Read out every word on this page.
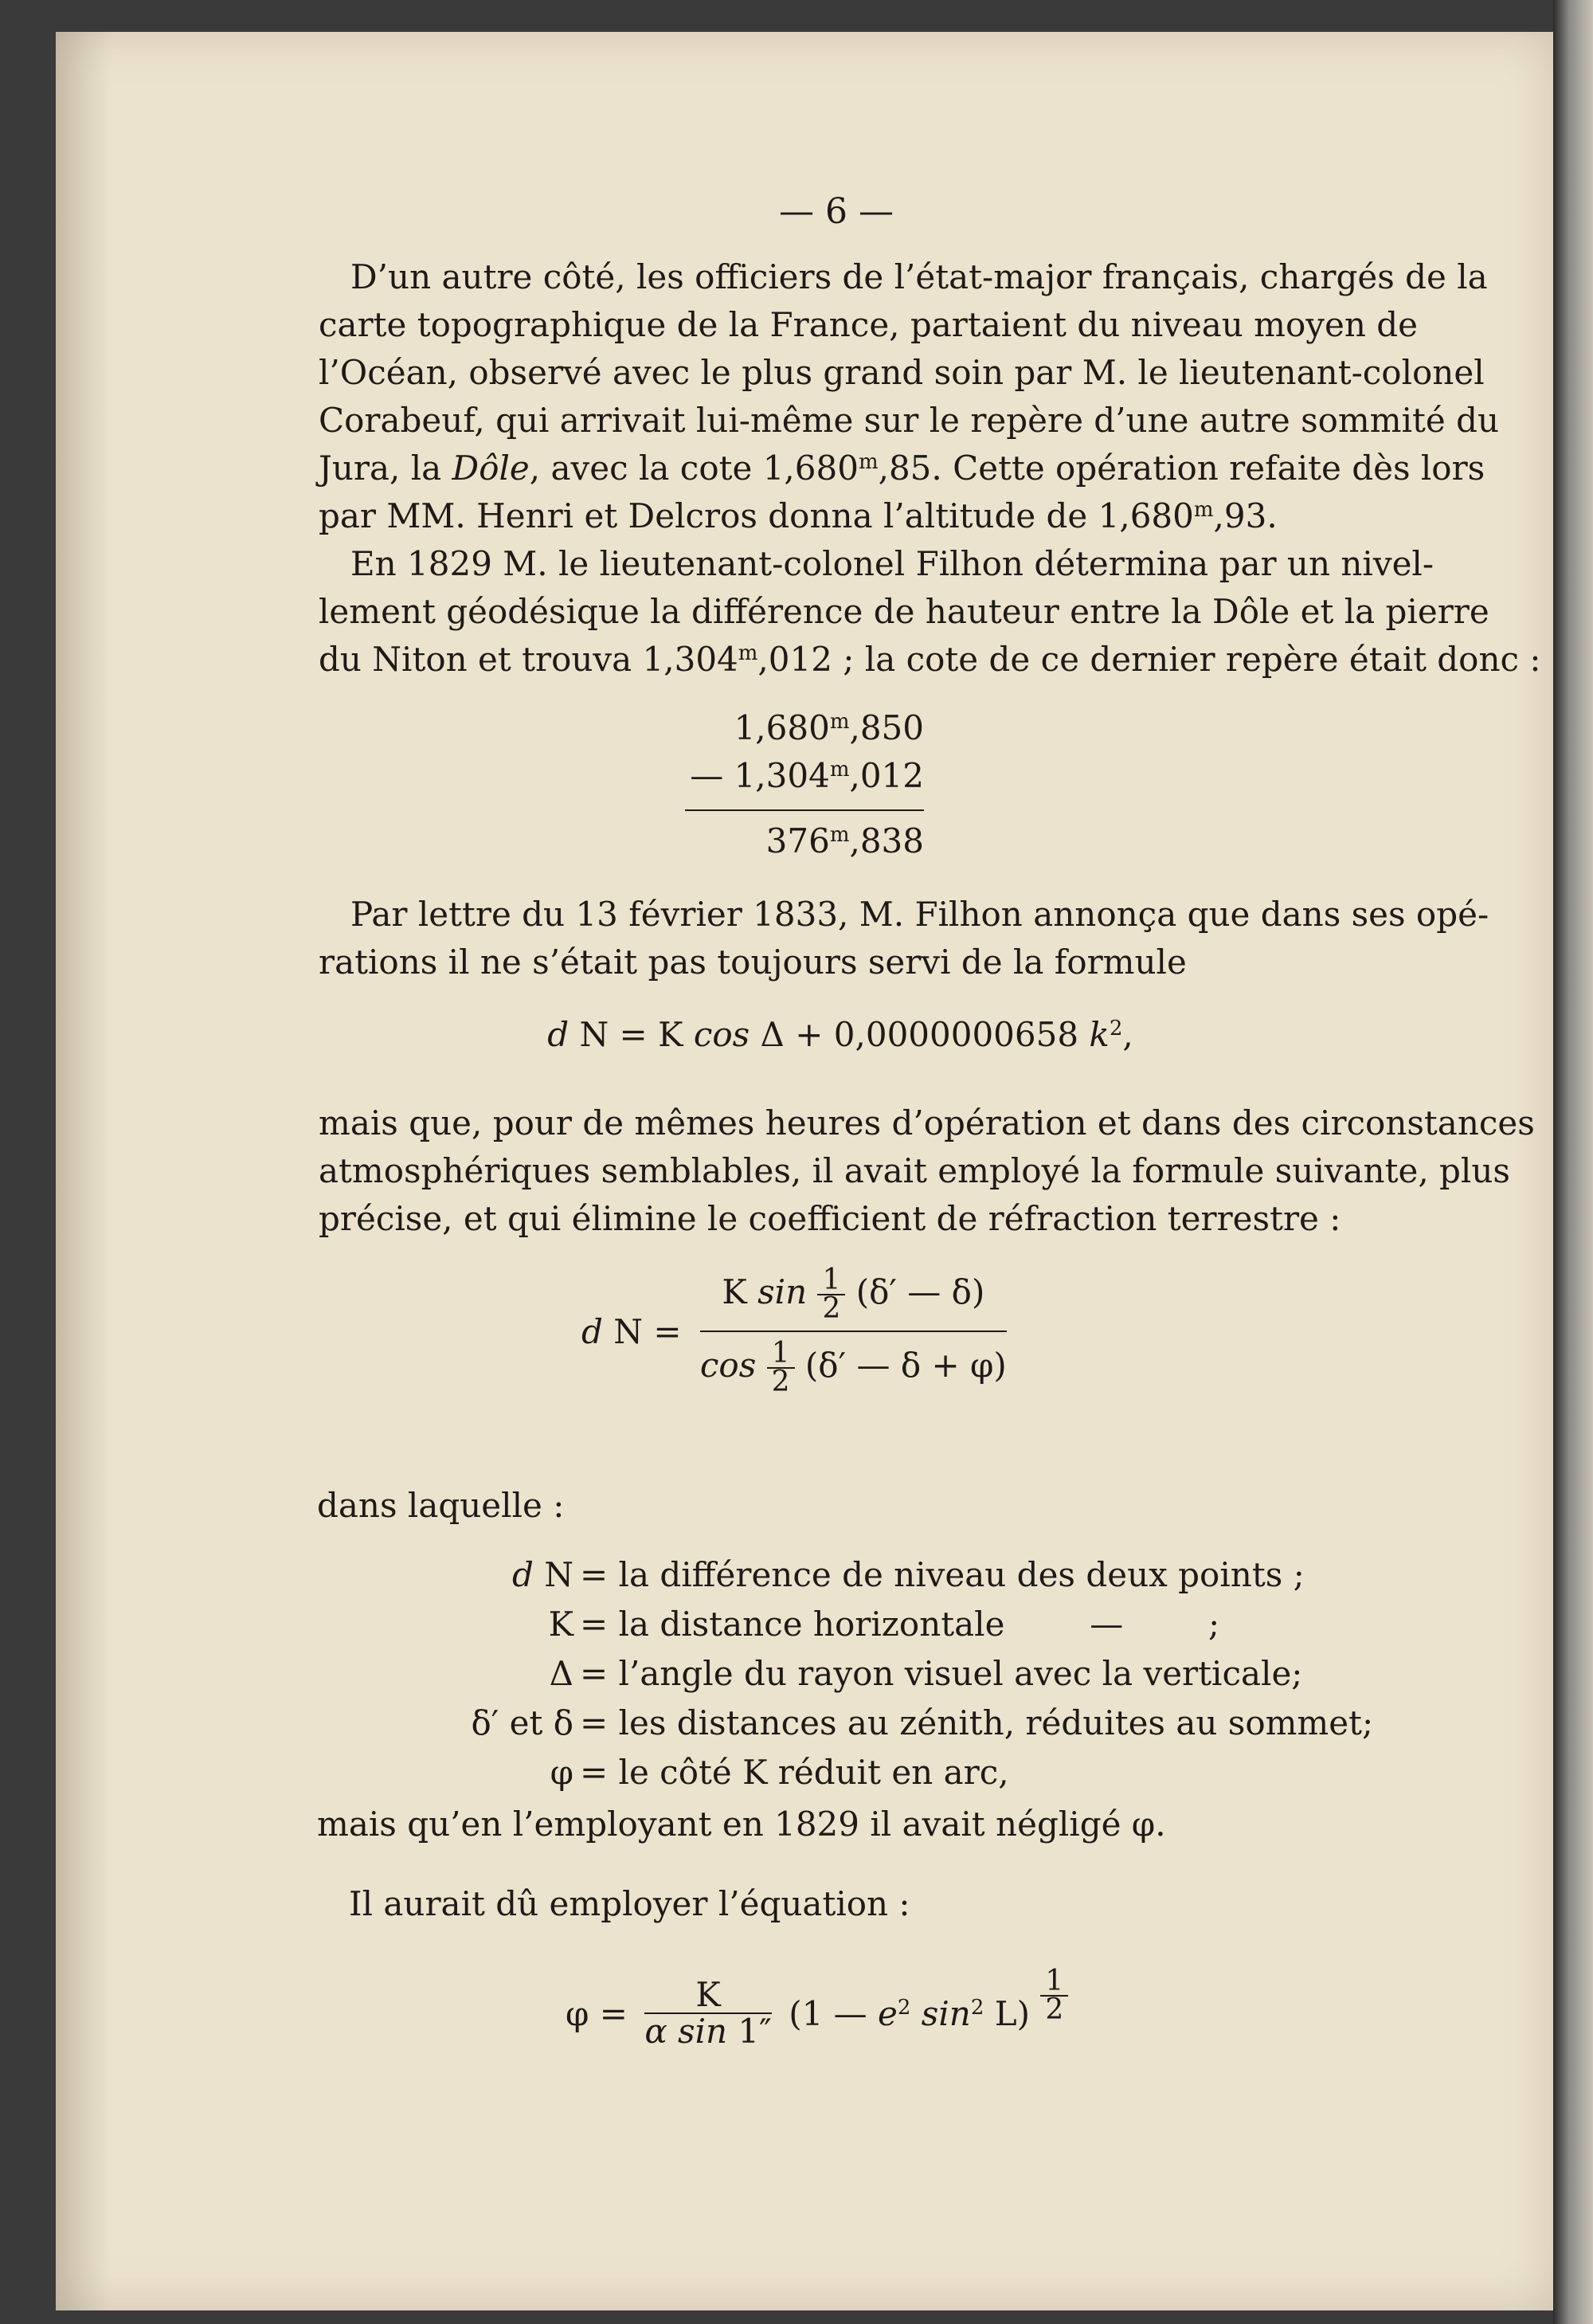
— 6 —
D’un autre côté, les officiers de l’état-major français, chargés de la
carte topographique de la France, partaient du niveau moyen de
l’Océan, observé avec le plus grand soin par M. le lieutenant-colonel
Corabeuf, qui arrivait lui-même sur le repère d’une autre sommité du
Jura, la Dôle, avec la cote 1,680$^m$,85. Cette opération refaite dès lors
par MM. Henri et Delcros donna l’altitude de 1,680$^m$,93.
En 1829 M. le lieutenant-colonel Filhon détermina par un nivel-
lement géodésique la différence de hauteur entre la Dôle et la pierre
du Niton et trouva 1,304$^m$,012 ; la cote de ce dernier repère était donc :
1,680$^m$,850
— 1,304$^m$,012
376$^m$,838
Par lettre du 13 février 1833, M. Filhon annonça que dans ses opé-
rations il ne s’était pas toujours servi de la formule
d N = K cos Δ + 0,0000000658 $k^2$,
mais que, pour de mêmes heures d’opération et dans des circonstances
atmosphériques semblables, il avait employé la formule suivante, plus
précise, et qui élimine le coefficient de réfraction terrestre :
d $N = \frac{K \sin \frac{1}{2} (\delta' — \delta)}{\cos \frac{1}{2} (\delta' — \delta + \varphi)}$
dans laquelle :
d N = la différence de niveau des deux points ;
K = la distance horizontale        —        ;
Δ = l’angle du rayon visuel avec la verticale;
δ′ et δ = les distances au zénith, réduites au sommet;
φ = le côté K réduit en arc,
mais qu’en l’employant en 1829 il avait négligé φ.
Il aurait dû employer l’équation :
$\varphi = \frac{K}{\text{α sin 1″}} (1$ — $e^2$ $\sin^2 L) \frac{1}{2}$
